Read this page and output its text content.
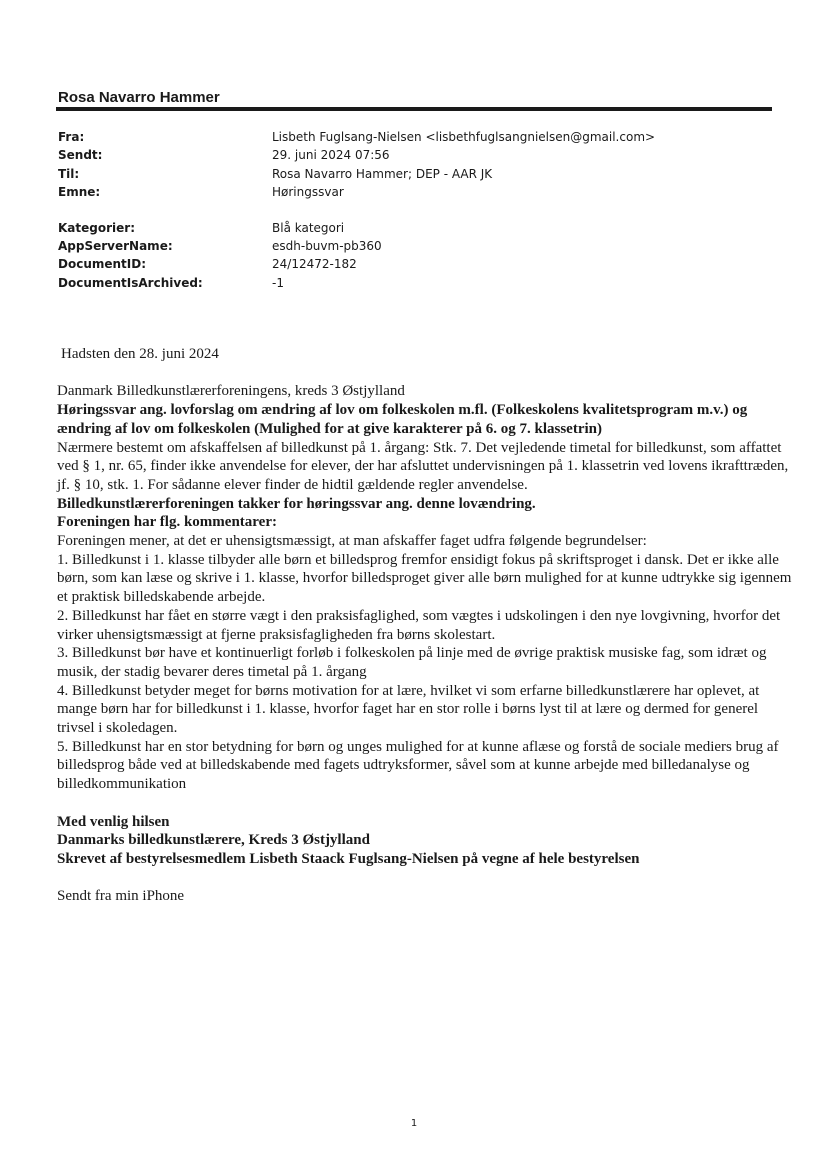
Rosa Navarro Hammer
Fra:	Lisbeth Fuglsang-Nielsen <lisbethfuglsangnielsen@gmail.com>
Sendt:	29. juni 2024 07:56
Til:	Rosa Navarro Hammer; DEP - AAR JK
Emne:	Høringssvar
Kategorier:	Blå kategori
AppServerName:	esdh-buvm-pb360
DocumentID:	24/12472-182
DocumentIsArchived:	-1

Hadsten den 28. juni 2024

Danmark Billedkunstlærerforeningens, kreds 3 Østjylland

Høringssvar ang. lovforslag om ændring af lov om folkeskolen m.fl. (Folkeskolens kvalitetsprogram m.v.) og ændring af lov om folkeskolen (Mulighed for at give karakterer på 6. og 7. klassetrin)

Nærmere bestemt om afskaffelsen af billedkunst på 1. årgang: Stk. 7. Det vejledende timetal for billedkunst, som affattet ved § 1, nr. 65, finder ikke anvendelse for elever, der har afsluttet undervisningen på 1. klassetrin ved lovens ikrafttræden, jf. § 10, stk. 1. For sådanne elever finder de hidtil gældende regler anvendelse.

Billedkunstlærerforeningen takker for høringssvar ang. denne lovændring.

Foreningen har flg. kommentarer:

Foreningen mener, at det er uhensigtsmæssigt, at man afskaffer faget udfra følgende begrundelser:

1. Billedkunst i 1. klasse tilbyder alle børn et billedsprog fremfor ensidigt fokus på skriftsproget i dansk. Det er ikke alle børn, som kan læse og skrive i 1. klasse, hvorfor billedsproget giver alle børn mulighed for at kunne udtrykke sig igennem et praktisk billedskabende arbejde.

2. Billedkunst har fået en større vægt i den praksisfaglighed, som vægtes i udskolingen i den nye lovgivning, hvorfor det virker uhensigtsmæssigt at fjerne praksisfagligheden fra børns skolestart.

3. Billedkunst bør have et kontinuerligt forløb i folkeskolen på linje med de øvrige praktisk musiske fag, som idræt og musik, der stadig bevarer deres timetal på 1. årgang

4. Billedkunst betyder meget for børns motivation for at lære, hvilket vi som erfarne billedkunstlærere har oplevet, at mange børn har for billedkunst i 1. klasse, hvorfor faget har en stor rolle i børns lyst til at lære og dermed for generel trivsel i skoledagen.

5. Billedkunst har en stor betydning for børn og unges mulighed for at kunne aflæse og forstå de sociale mediers brug af billedsprog både ved at billedskabende med fagets udtryksformer, såvel som at kunne arbejde med billedanalyse og billedkommunikation

Med venlig hilsen

Danmarks billedkunstlærere, Kreds 3 Østjylland

Skrevet af bestyrelsesmedlem Lisbeth Staack Fuglsang-Nielsen på vegne af hele bestyrelsen

Sendt fra min iPhone

1
